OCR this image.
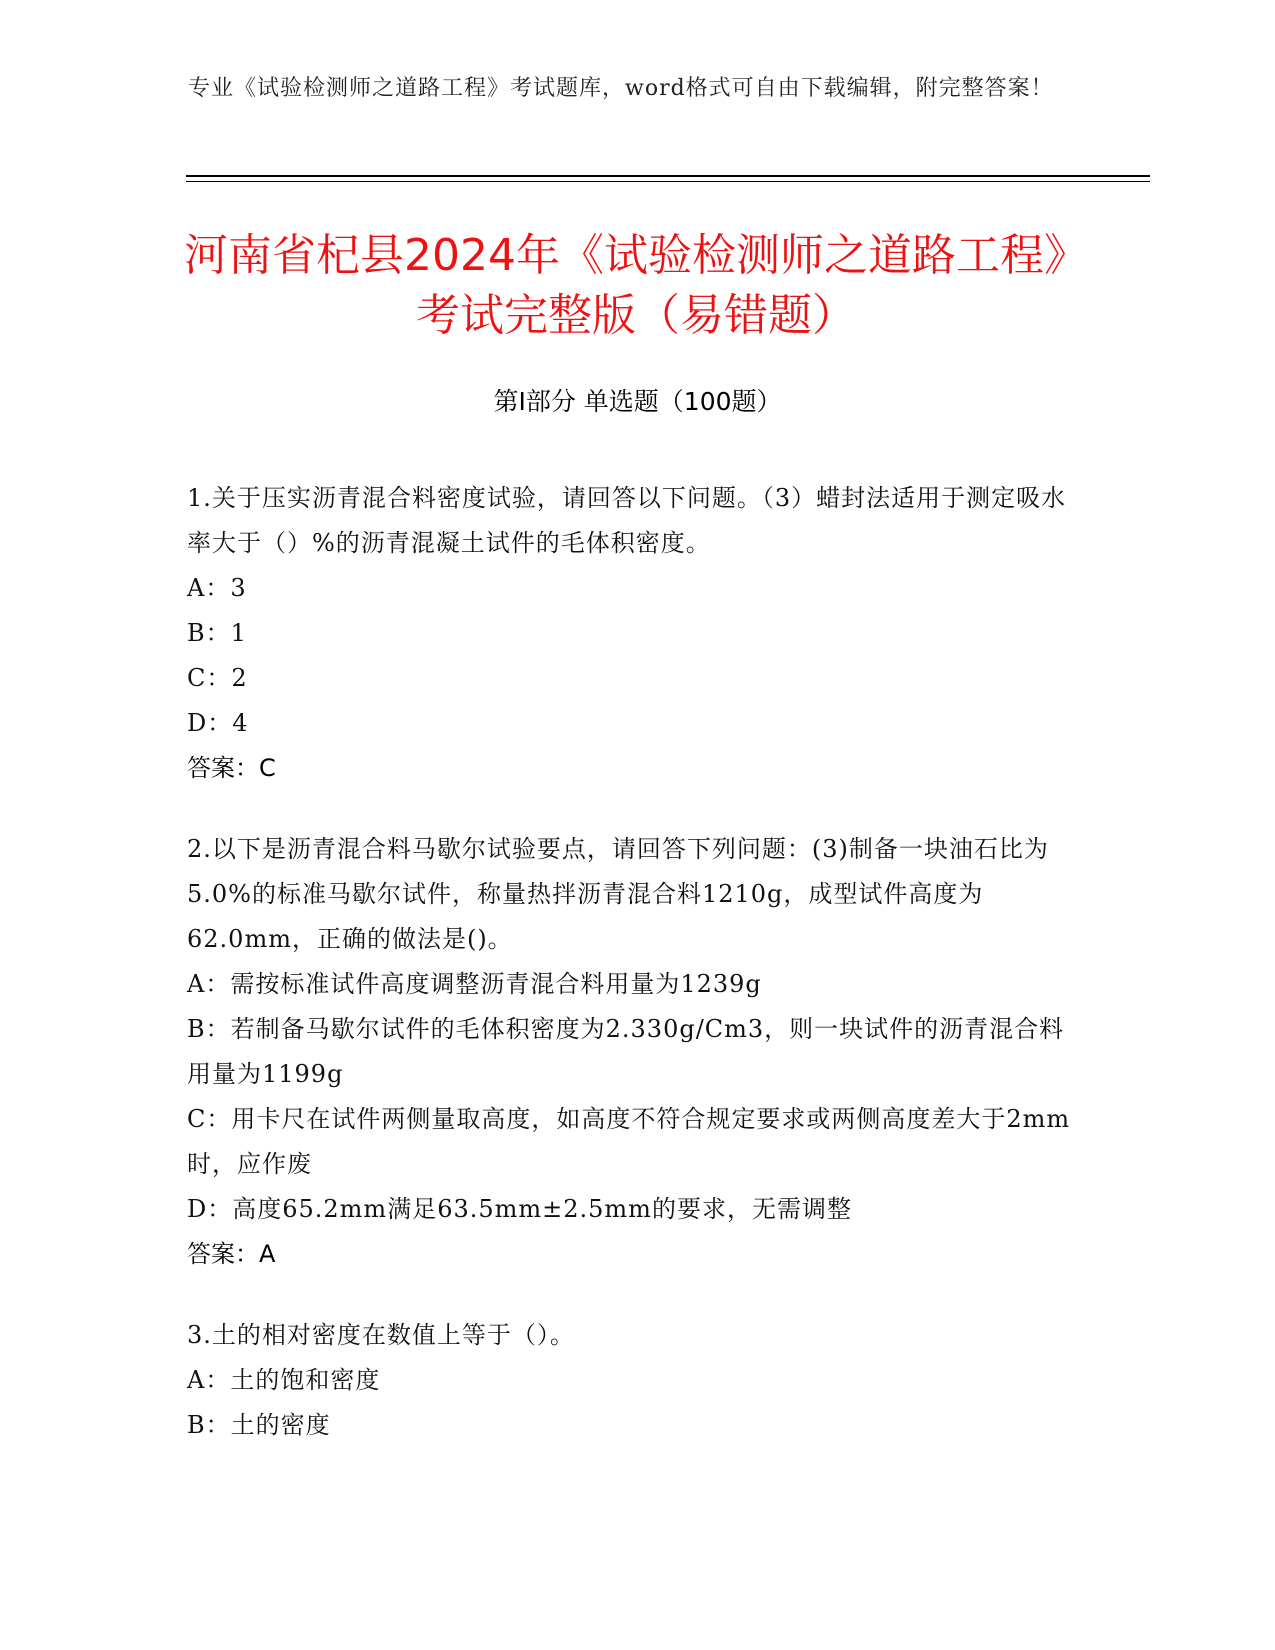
专业《试验检测师之道路工程》考试题库，word格式可自由下载编辑，附完整答案！
河南省杞县2024年《试验检测师之道路工程》考试完整版（易错题）
第Ⅰ部分 单选题（100题）

1.关于压实沥青混合料密度试验，请回答以下问题。（3）蜡封法适用于测定吸水率大于（）%的沥青混凝土试件的毛体积密度。

A：3

B：1

C：2

D：4

答案：C

2.以下是沥青混合料马歇尔试验要点，请回答下列问题：(3)制备一块油石比为5.0%的标准马歇尔试件，称量热拌沥青混合料1210g，成型试件高度为62.0mm，正确的做法是()。

A：需按标准试件高度调整沥青混合料用量为1239g

B：若制备马歇尔试件的毛体积密度为2.330g/Cm3，则一块试件的沥青混合料用量为1199g

C：用卡尺在试件两侧量取高度，如高度不符合规定要求或两侧高度差大于2mm时，应作废

D：高度65.2mm满足63.5mm±2.5mm的要求，无需调整

答案：A

3.土的相对密度在数值上等于（）。

A：土的饱和密度

B：土的密度
